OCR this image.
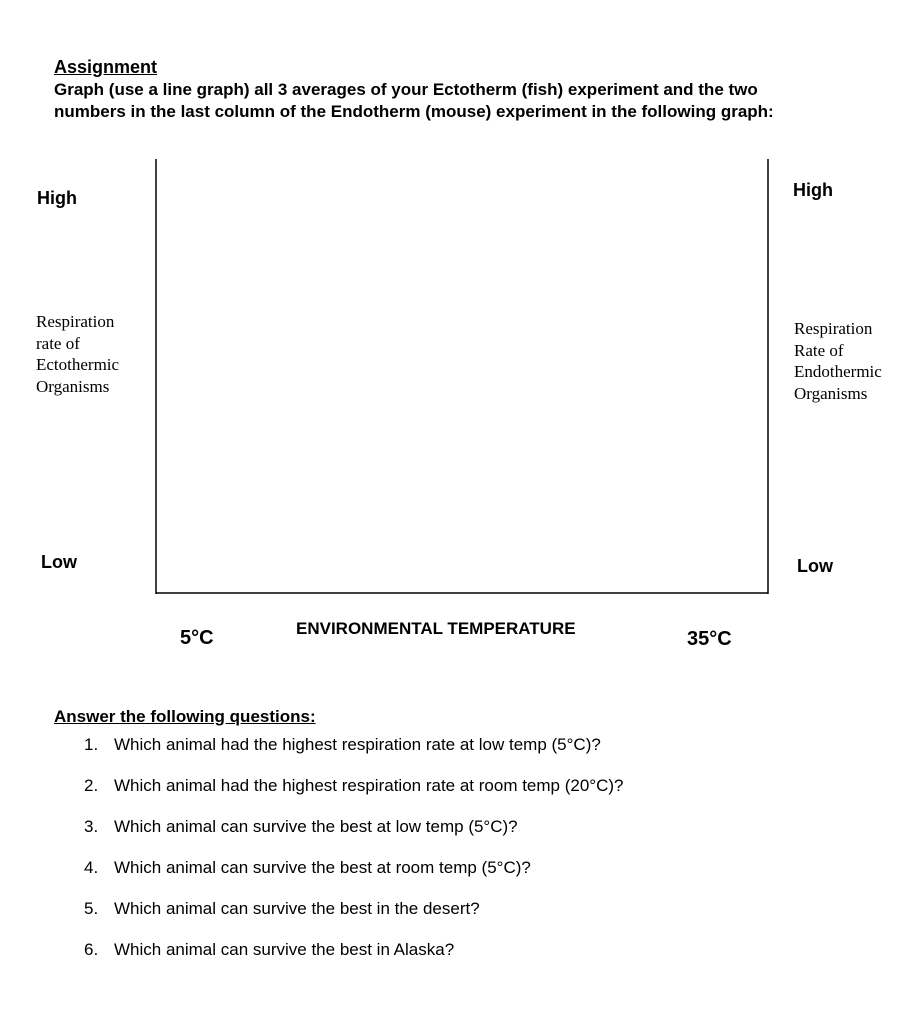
Assignment
Graph (use a line graph) all 3 averages of your Ectotherm (fish) experiment and the two
numbers in the last column of the Endotherm (mouse) experiment in the following graph:
High
Respiration
rate of
Ectothermic
Organisms
Low
High
Respiration
Rate of
Endothermic
Organisms
Low
5°C	ENVIRONMENTAL TEMPERATURE	35°C
Answer the following questions:
1. Which animal had the highest respiration rate at low temp (5°C)?
2. Which animal had the highest respiration rate at room temp (20°C)?
3. Which animal can survive the best at low temp (5°C)?
4. Which animal can survive the best at room temp (5°C)?
5. Which animal can survive the best in the desert?
6. Which animal can survive the best in Alaska?
